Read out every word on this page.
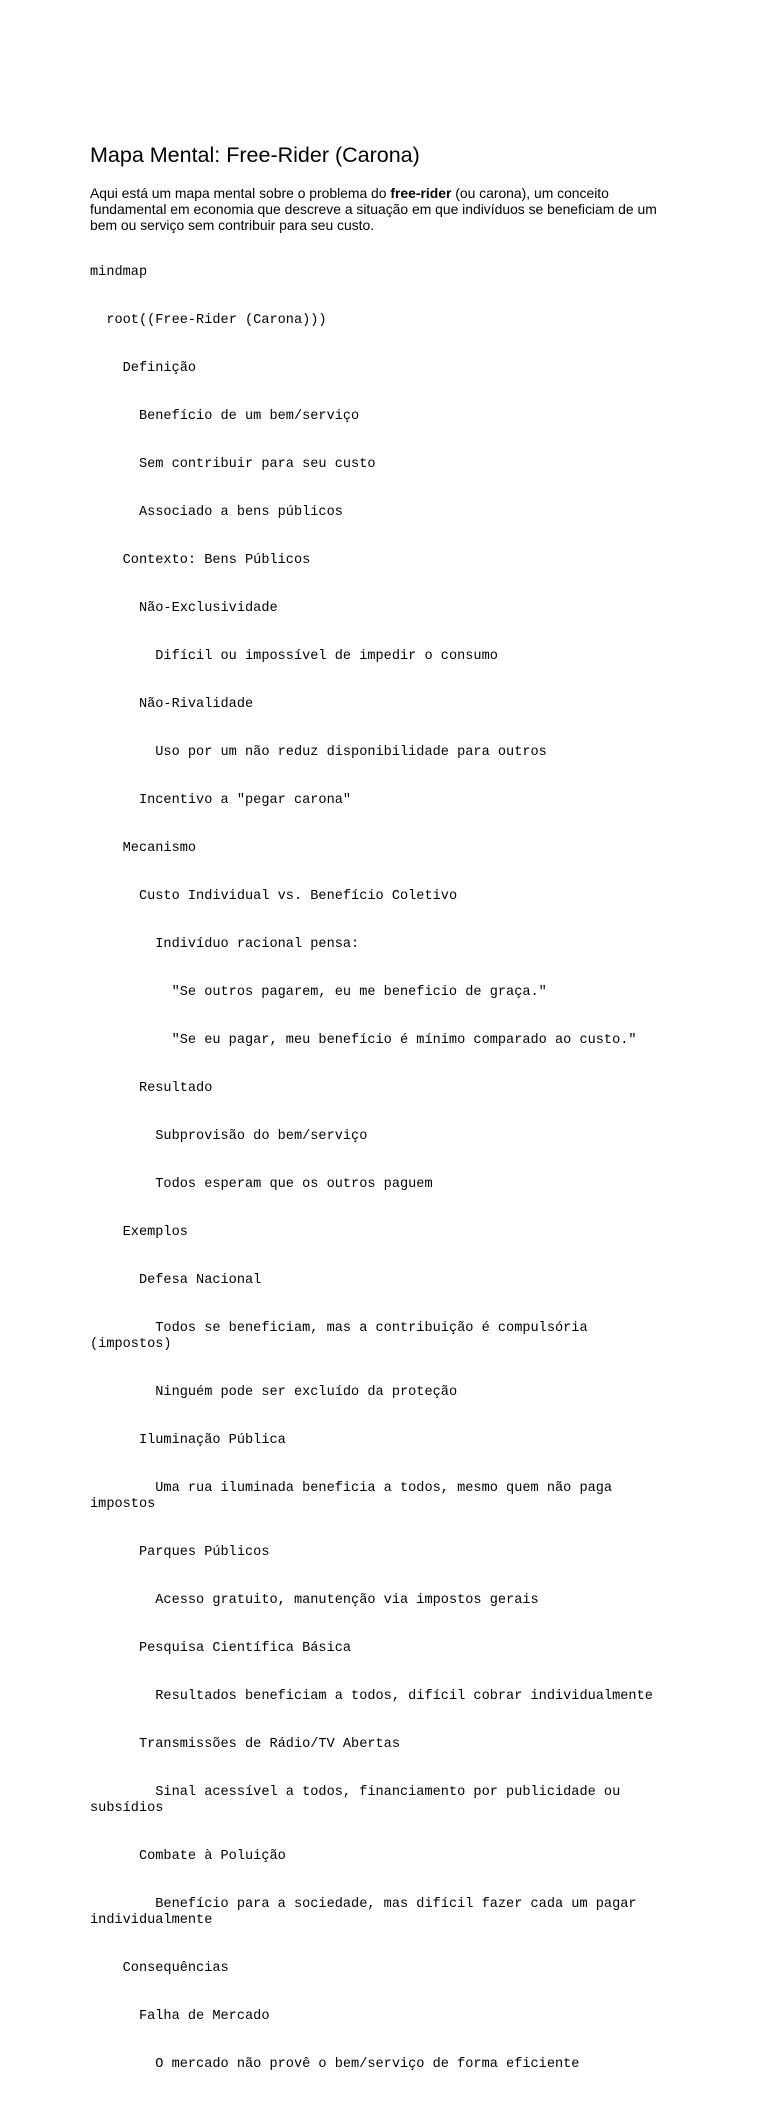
Mapa Mental: Free-Rider (Carona)

Aqui está um mapa mental sobre o problema do free-rider (ou carona), um conceito fundamental em economia que descreve a situação em que indivíduos se beneficiam de um bem ou serviço sem contribuir para seu custo.

mindmap

root((Free-Rider (Carona)))

Definição

Benefício de um bem/serviço

Sem contribuir para seu custo

Associado a bens públicos

Contexto: Bens Públicos

Não-Exclusividade

Difícil ou impossível de impedir o consumo

Não-Rivalidade

Uso por um não reduz disponibilidade para outros

Incentivo a "pegar carona"

Mecanismo

Custo Individual vs. Benefício Coletivo

Indivíduo racional pensa:

"Se outros pagarem, eu me beneficio de graça."

"Se eu pagar, meu benefício é mínimo comparado ao custo."

Resultado

Subprovisão do bem/serviço

Todos esperam que os outros paguem

Exemplos

Defesa Nacional

Todos se beneficiam, mas a contribuição é compulsória (impostos)

Ninguém pode ser excluído da proteção

Iluminação Pública

Uma rua iluminada beneficia a todos, mesmo quem não paga impostos

Parques Públicos

Acesso gratuito, manutenção via impostos gerais

Pesquisa Científica Básica

Resultados beneficiam a todos, difícil cobrar individualmente

Transmissões de Rádio/TV Abertas

Sinal acessível a todos, financiamento por publicidade ou subsídios

Combate à Poluição

Benefício para a sociedade, mas difícil fazer cada um pagar individualmente

Consequências

Falha de Mercado

O mercado não provê o bem/serviço de forma eficiente
